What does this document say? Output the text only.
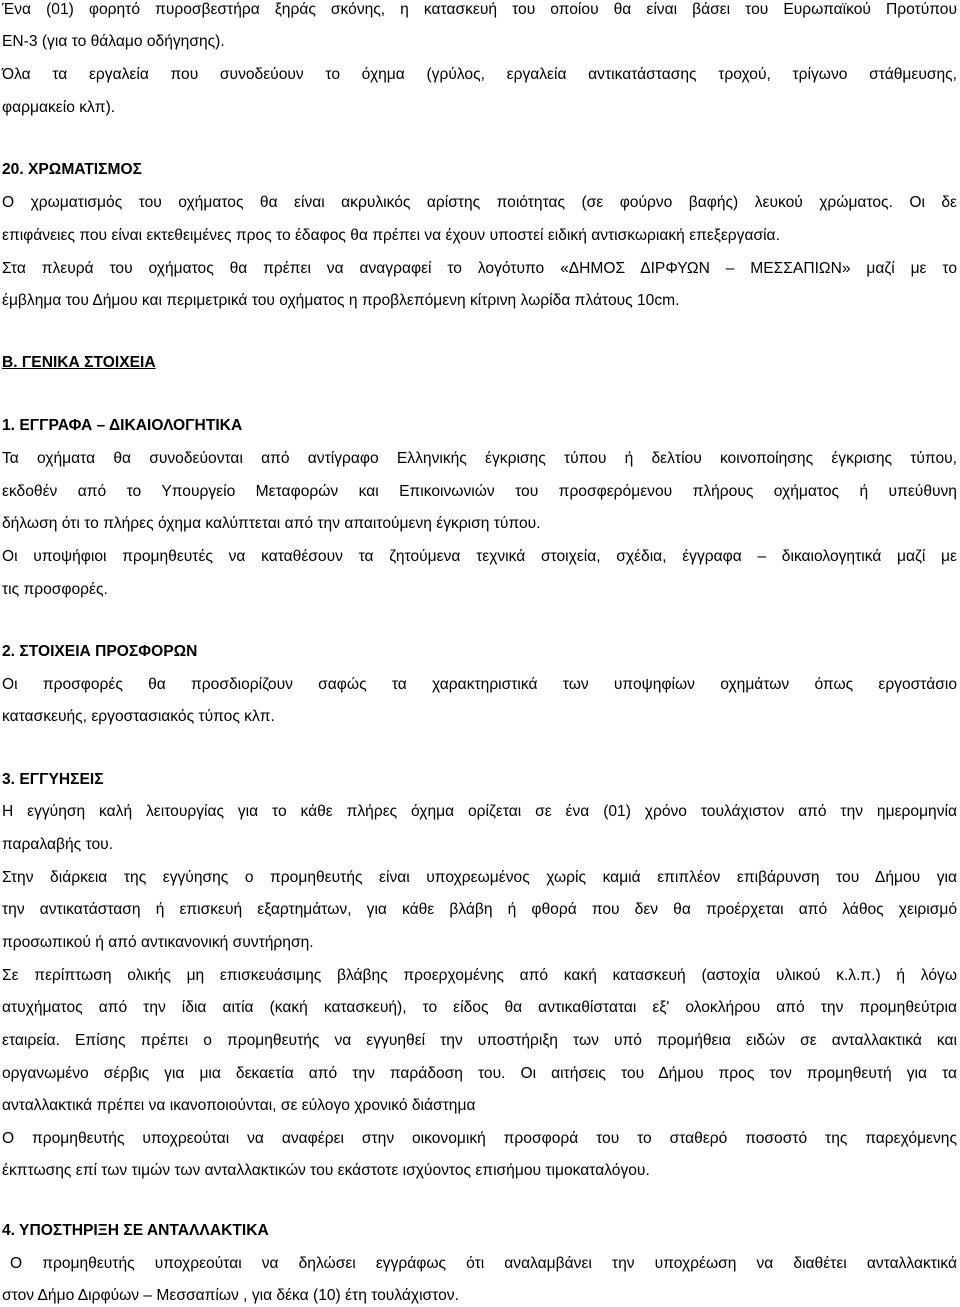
Ένα (01) φορητό πυροσβεστήρα ξηράς σκόνης, η κατασκευή του οποίου θα είναι βάσει του Ευρωπαϊκού Προτύπου
ΕΝ-3 (για το θάλαμο οδήγησης).
Όλα τα εργαλεία που συνοδεύουν το όχημα (γρύλος, εργαλεία αντικατάστασης τροχού, τρίγωνο στάθμευσης,
φαρμακείο κλπ).
20. ΧΡΩΜΑΤΙΣΜΟΣ
Ο χρωματισμός του οχήματος θα είναι ακρυλικός αρίστης ποιότητας (σε φούρνο βαφής) λευκού χρώματος. Οι δε
επιφάνειες που είναι εκτεθειμένες προς το έδαφος θα πρέπει να έχουν υποστεί ειδική αντισκωριακή επεξεργασία.
Στα πλευρά του οχήματος θα πρέπει να αναγραφεί το λογότυπο «ΔΗΜΟΣ ΔΙΡΦΥΩΝ – ΜΕΣΣΑΠΙΩΝ» μαζί με το
έμβλημα του Δήμου και περιμετρικά του οχήματος η προβλεπόμενη κίτρινη λωρίδα πλάτους 10cm.
Β. ΓΕΝΙΚΑ ΣΤΟΙΧΕΙΑ
1. ΕΓΓΡΑΦΑ – ΔΙΚΑΙΟΛΟΓΗΤΙΚΑ
Τα οχήματα θα συνοδεύονται από αντίγραφο Ελληνικής έγκρισης τύπου ή δελτίου κοινοποίησης έγκρισης τύπου,
εκδοθέν από το Υπουργείο Μεταφορών και Επικοινωνιών του προσφερόμενου πλήρους οχήματος ή υπεύθυνη
δήλωση ότι το πλήρες όχημα καλύπτεται από την απαιτούμενη έγκριση τύπου.
Οι υποψήφιοι προμηθευτές να καταθέσουν τα ζητούμενα τεχνικά στοιχεία, σχέδια, έγγραφα – δικαιολογητικά μαζί με
τις προσφορές.
2. ΣΤΟΙΧΕΙΑ ΠΡΟΣΦΟΡΩΝ
Οι προσφορές θα προσδιορίζουν σαφώς τα χαρακτηριστικά των υποψηφίων οχημάτων όπως εργοστάσιο
κατασκευής, εργοστασιακός τύπος κλπ.
3. ΕΓΓΥΗΣΕΙΣ
Η εγγύηση καλή λειτουργίας για το κάθε πλήρες όχημα ορίζεται σε ένα (01) χρόνο τουλάχιστον από την ημερομηνία
παραλαβής του.
Στην διάρκεια της εγγύησης ο προμηθευτής είναι υποχρεωμένος χωρίς καμιά επιπλέον επιβάρυνση του Δήμου για
την αντικατάσταση ή επισκευή εξαρτημάτων, για κάθε βλάβη ή φθορά που δεν θα προέρχεται από λάθος χειρισμό
προσωπικού ή από αντικανονική συντήρηση.
Σε περίπτωση ολικής μη επισκευάσιμης βλάβης προερχομένης από κακή κατασκευή (αστοχία υλικού κ.λ.π.) ή λόγω
ατυχήματος από την ίδια αιτία (κακή κατασκευή), το είδος θα αντικαθίσταται εξ' ολοκλήρου από την προμηθεύτρια
εταιρεία. Επίσης πρέπει ο προμηθευτής να εγγυηθεί την υποστήριξη των υπό προμήθεια ειδών σε ανταλλακτικά και
οργανωμένο σέρβις για μια δεκαετία από την παράδοση του. Οι αιτήσεις του Δήμου προς τον προμηθευτή για τα
ανταλλακτικά πρέπει να ικανοποιούνται, σε εύλογο χρονικό διάστημα
Ο προμηθευτής υποχρεούται να αναφέρει στην οικονομική προσφορά του το σταθερό ποσοστό της παρεχόμενης
έκπτωσης επί των τιμών των ανταλλακτικών του εκάστοτε ισχύοντος επισήμου τιμοκαταλόγου.
4. ΥΠΟΣΤΗΡΙΞΗ ΣΕ ΑΝΤΑΛΛΑΚΤΙΚΑ
Ο προμηθευτής υποχρεούται να δηλώσει εγγράφως ότι αναλαμβάνει την υποχρέωση να διαθέτει ανταλλακτικά
στον Δήμο Διρφύων – Μεσσαπίων , για δέκα (10) έτη τουλάχιστον.
